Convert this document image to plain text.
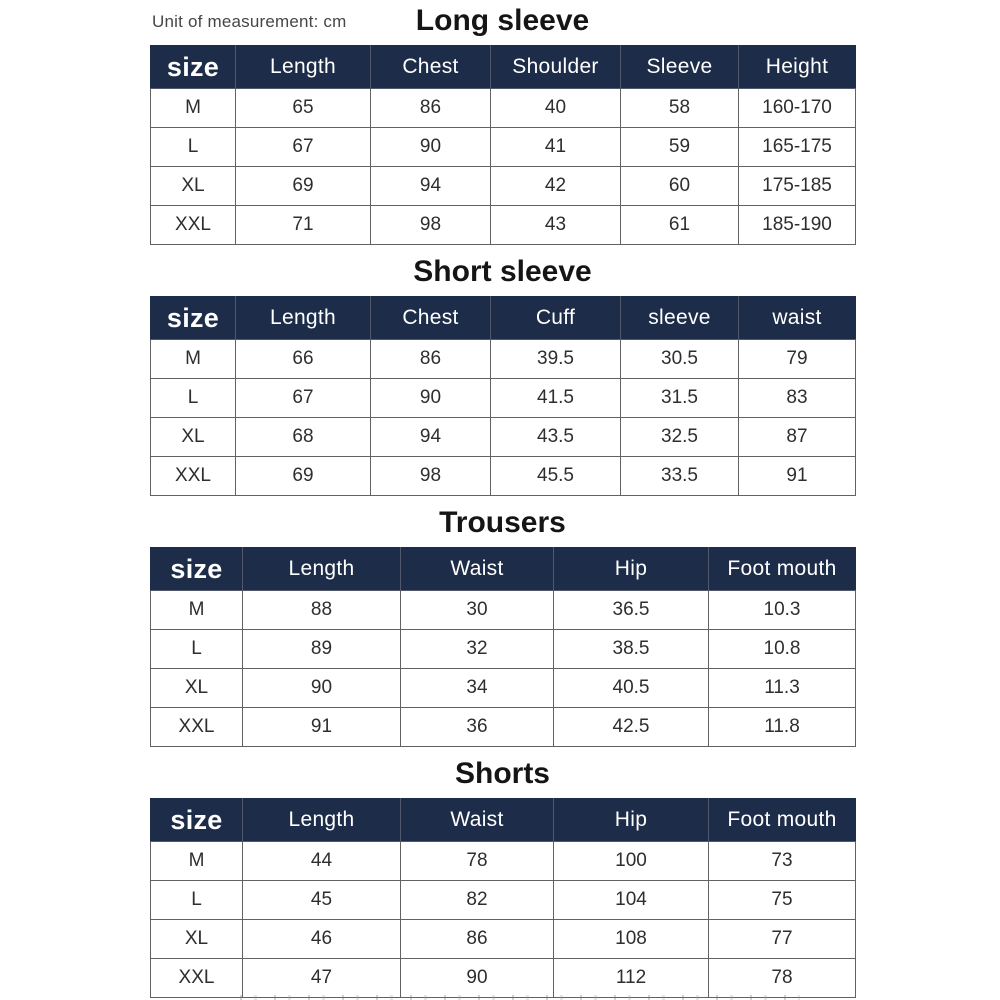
Unit of measurement: cm	Long sleeve
size	Length	Chest	Shoulder	Sleeve	Height
M	65	86	40	58	160-170
L	67	90	41	59	165-175
XL	69	94	42	60	175-185
XXL	71	98	43	61	185-190
Short sleeve
size	Length	Chest	Cuff	sleeve	waist
M	66	86	39.5	30.5	79
L	67	90	41.5	31.5	83
XL	68	94	43.5	32.5	87
XXL	69	98	45.5	33.5	91
Trousers
size	Length	Waist	Hip	Foot mouth
M	88	30	36.5	10.3
L	89	32	38.5	10.8
XL	90	34	40.5	11.3
XXL	91	36	42.5	11.8
Shorts
size	Length	Waist	Hip	Foot mouth
M	44	78	100	73
L	45	82	104	75
XL	46	86	108	77
XXL	47	90	112	78
